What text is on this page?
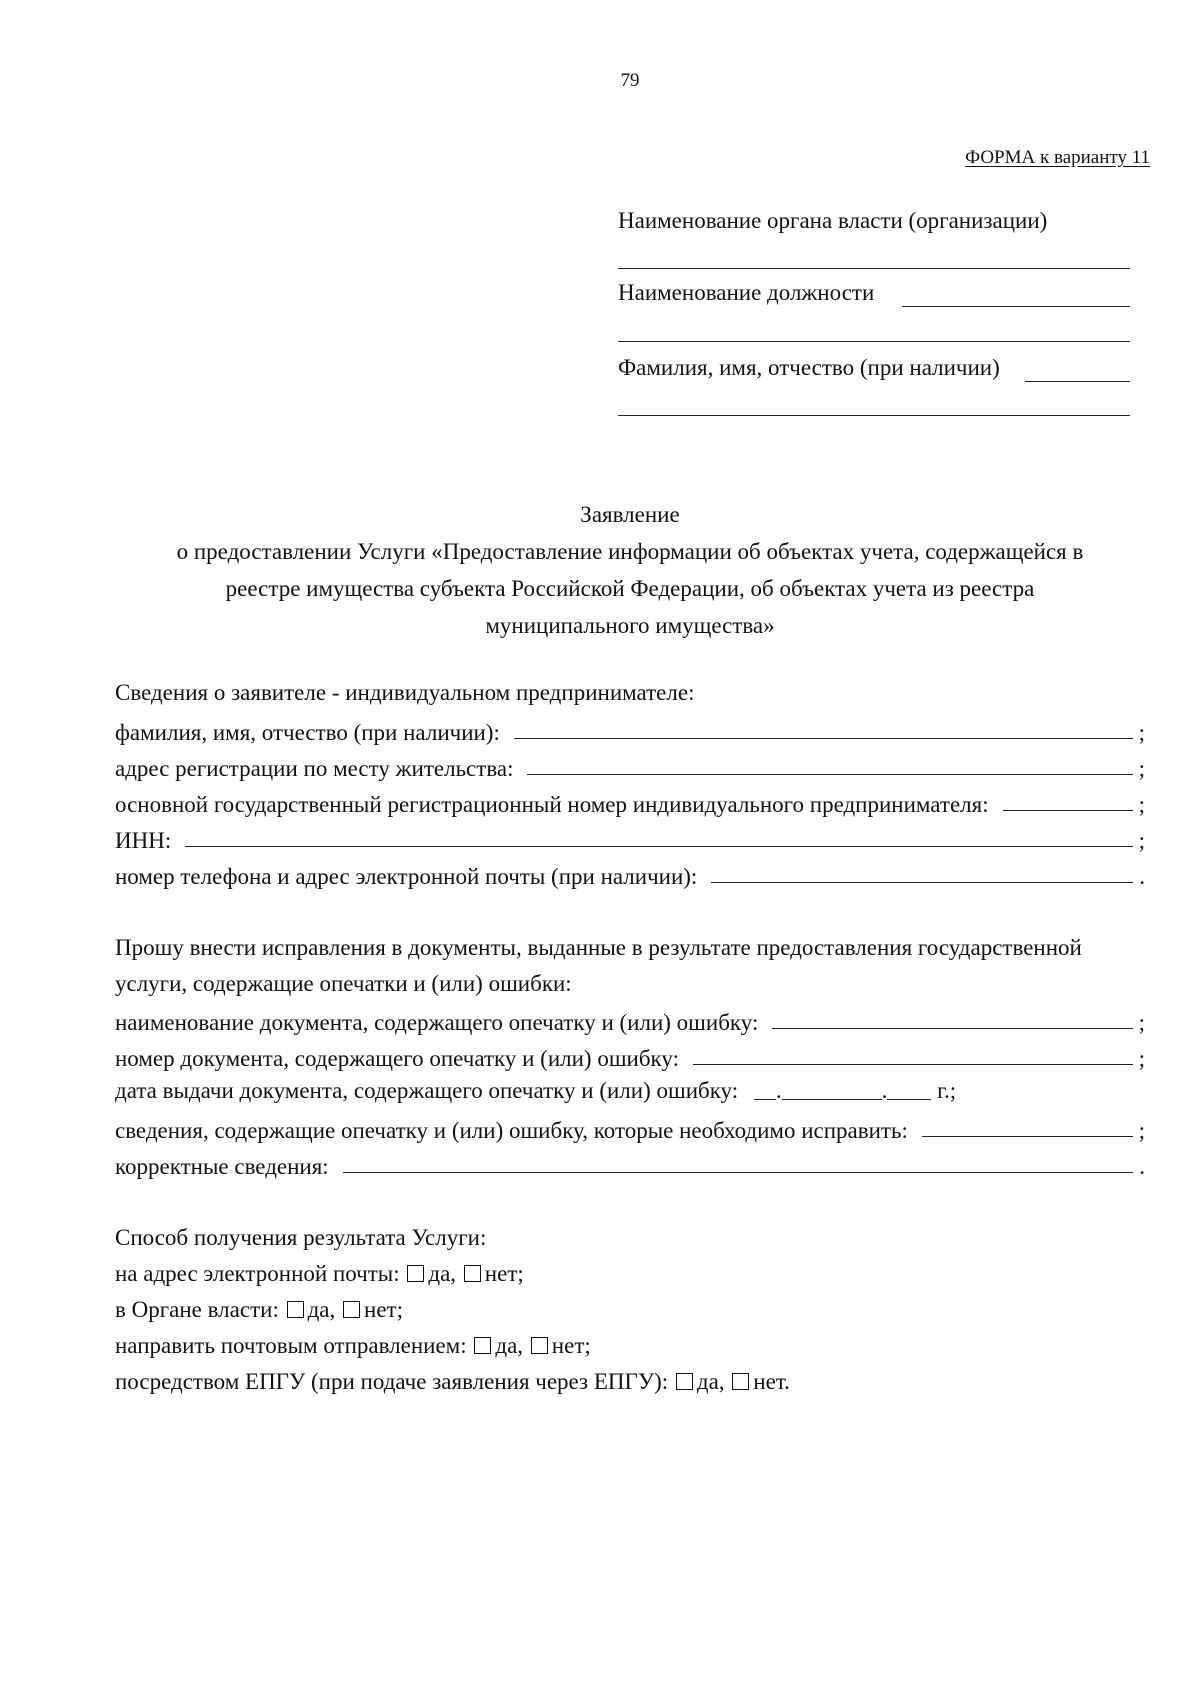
79
ФОРМА к варианту 11
Наименование органа власти (организации)
Наименование должности
Фамилия, имя, отчество (при наличии)
Заявление
о предоставлении Услуги «Предоставление информации об объектах учета, содержащейся в
реестре имущества субъекта Российской Федерации, об объектах учета из реестра
муниципального имущества»
Сведения о заявителе - индивидуальном предпринимателе:
фамилия, имя, отчество (при наличии):	;
адрес регистрации по месту жительства:	;
основной государственный регистрационный номер индивидуального предпринимателя:	;
ИНН:	;
номер телефона и адрес электронной почты (при наличии):	.
Прошу внести исправления в документы, выданные в результате предоставления государственной
услуги, содержащие опечатки и (или) ошибки:
наименование документа, содержащего опечатку и (или) ошибку:	;
номер документа, содержащего опечатку и (или) ошибку:	;
дата выдачи документа, содержащего опечатку и (или) ошибку: .	. г.;
сведения, содержащие опечатку и (или) ошибку, которые необходимо исправить:	;
корректные сведения:	.
Способ получения результата Услуги:
на адрес электронной почты: да, нет;
в Органе власти: да, нет;
направить почтовым отправлением: да, нет;
посредством ЕПГУ (при подаче заявления через ЕПГУ): да, нет.
